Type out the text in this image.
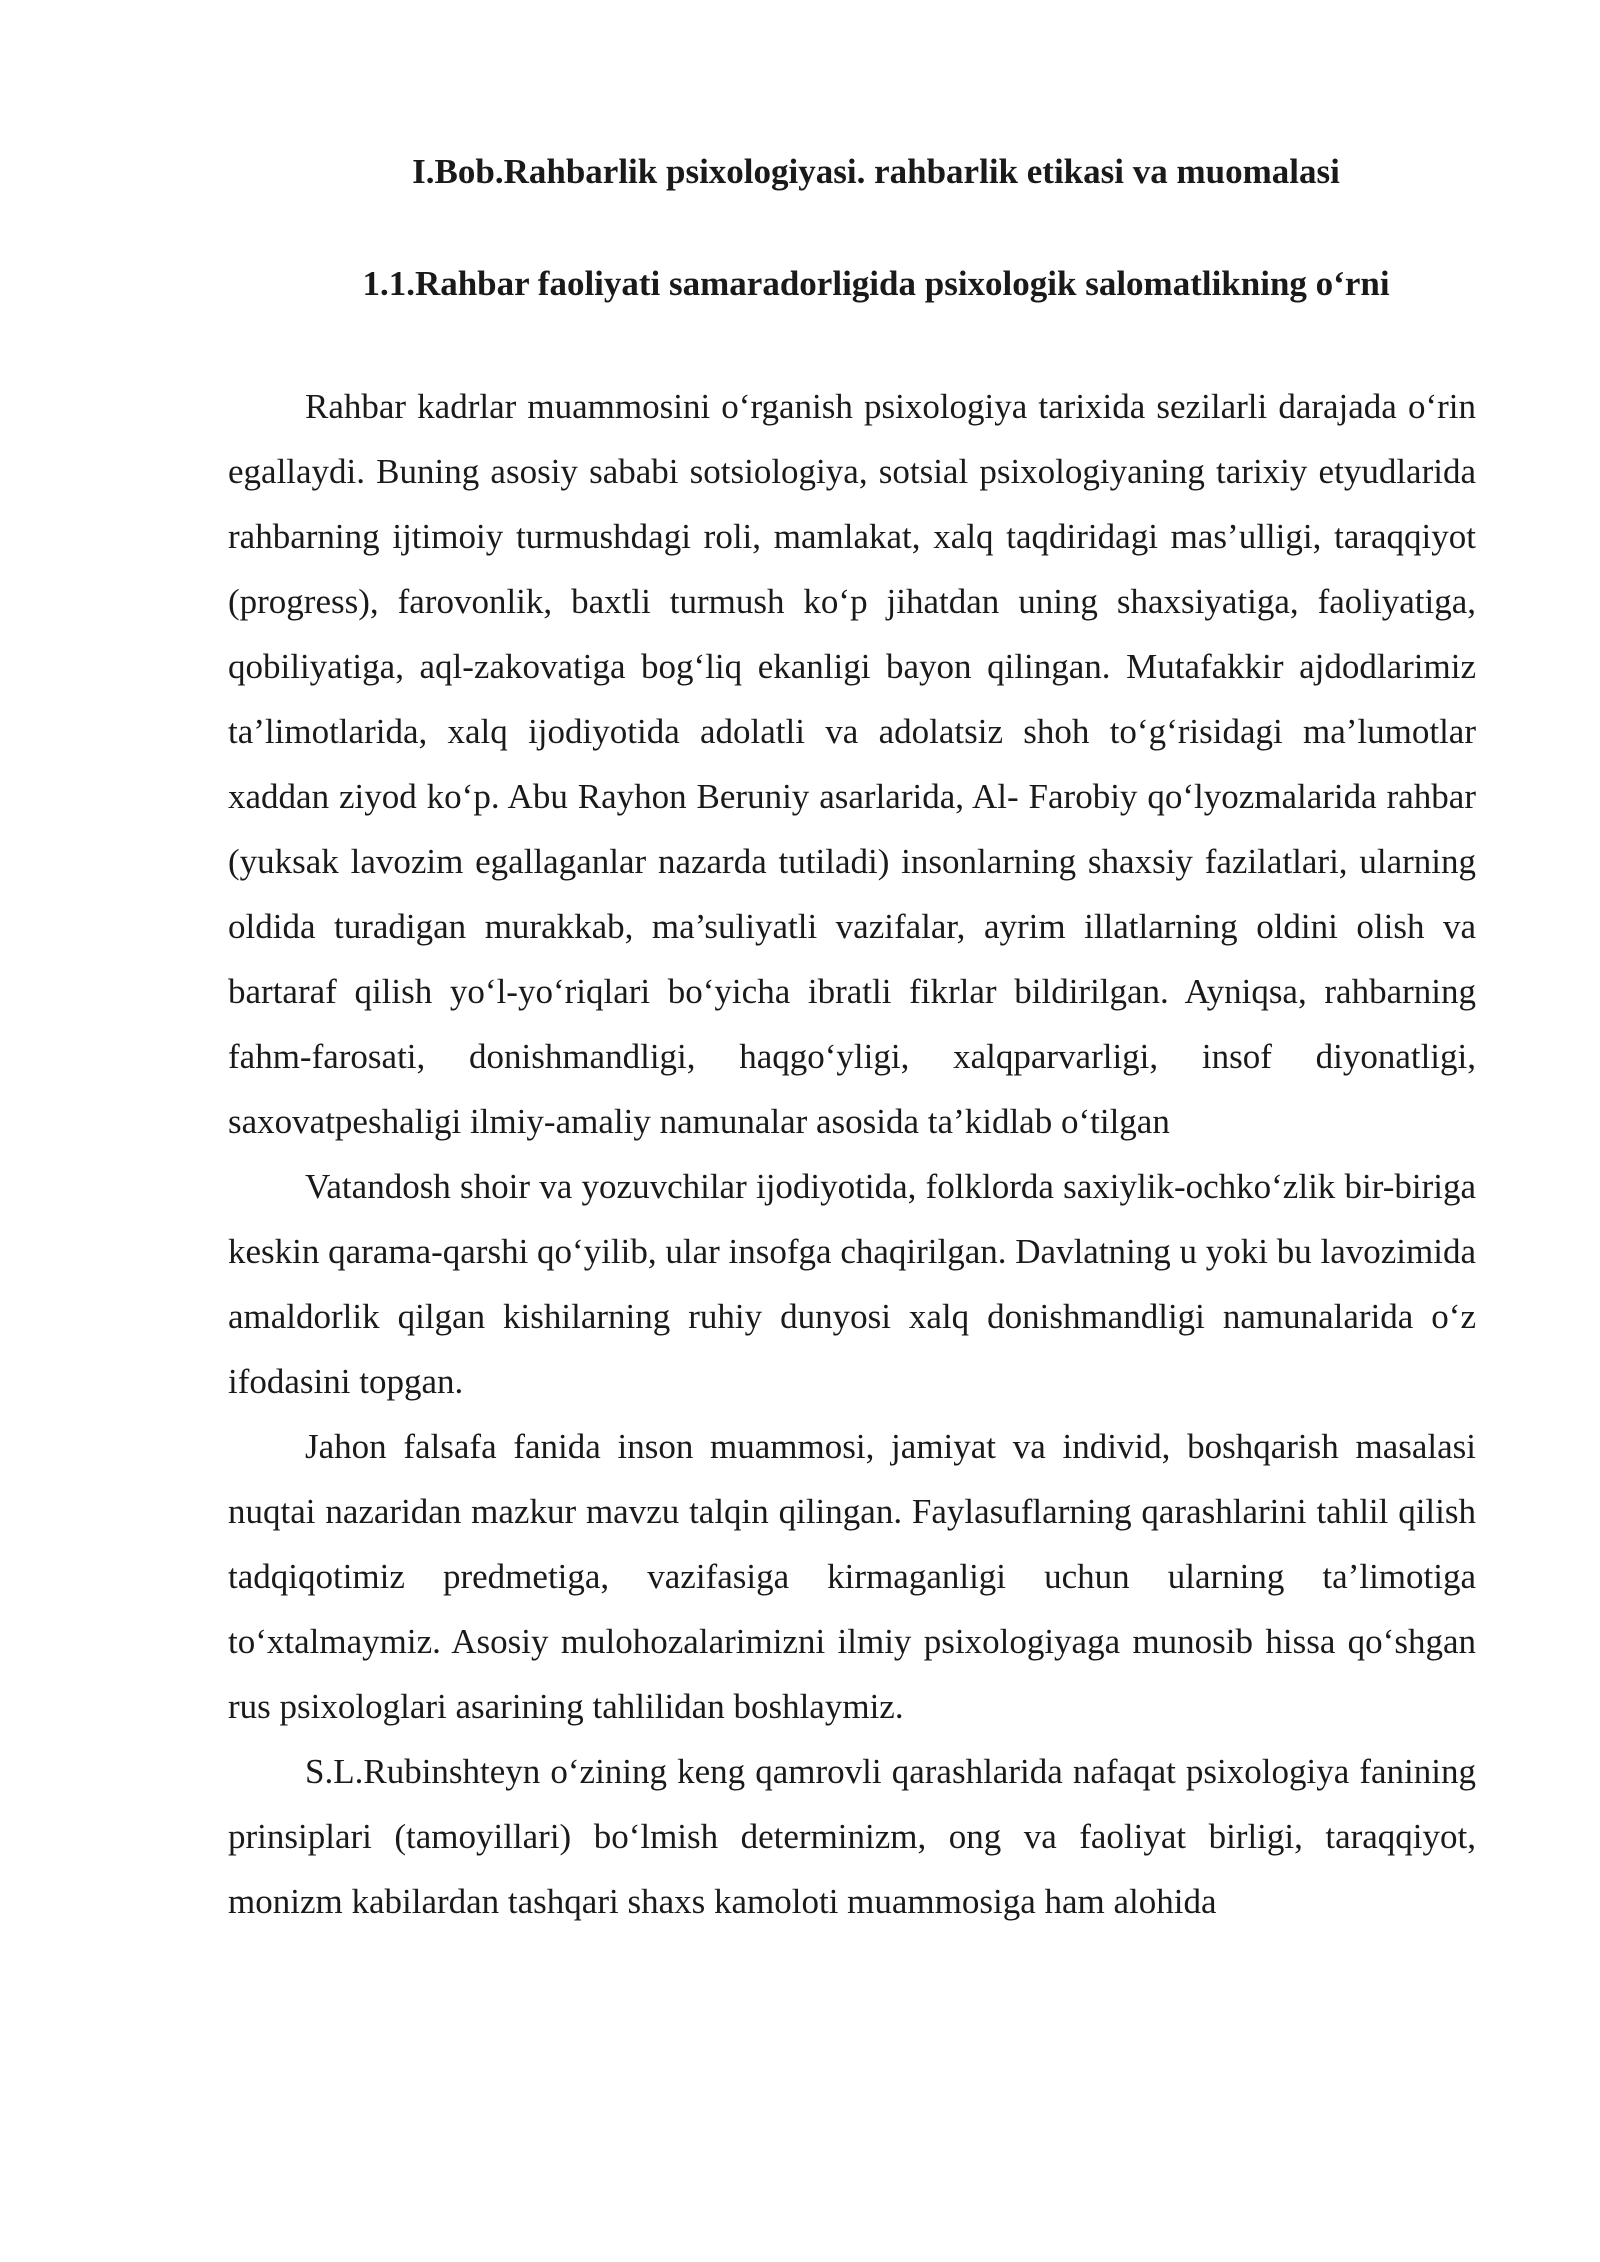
I.Bob.Rahbarlik psixologiyasi. rahbarlik etikasi va muomalasi
1.1.Rahbar faoliyati samaradorligida psixologik salomatlikning o‘rni

Rahbar kadrlar muammosini o‘rganish psixologiya tarixida sezilarli darajada o‘rin egallaydi. Buning asosiy sababi sotsiologiya, sotsial psixologiyaning tarixiy etyudlarida rahbarning ijtimoiy turmushdagi roli, mamlakat, xalq taqdiridagi mas’ulligi, taraqqiyot (progress), farovonlik, baxtli turmush ko‘p jihatdan uning shaxsiyatiga, faoliyatiga, qobiliyatiga, aql-zakovatiga bog‘liq ekanligi bayon qilingan. Mutafakkir ajdodlarimiz ta’limotlarida, xalq ijodiyotida adolatli va adolatsiz shoh to‘g‘risidagi ma’lumotlar xaddan ziyod ko‘p. Abu Rayhon Beruniy asarlarida, Al- Farobiy qo‘lyozmalarida rahbar (yuksak lavozim egallaganlar nazarda tutiladi) insonlarning shaxsiy fazilatlari, ularning oldida turadigan murakkab, ma’suliyatli vazifalar, ayrim illatlarning oldini olish va bartaraf qilish yo‘l-yo‘riqlari bo‘yicha ibratli fikrlar bildirilgan. Ayniqsa, rahbarning fahm-farosati, donishmandligi, haqgo‘yligi, xalqparvarligi, insof diyonatligi, saxovatpeshaligi ilmiy-amaliy namunalar asosida ta’kidlab o‘tilgan

Vatandosh shoir va yozuvchilar ijodiyotida, folklorda saxiylik-ochko‘zlik bir-biriga keskin qarama-qarshi qo‘yilib, ular insofga chaqirilgan. Davlatning u yoki bu lavozimida amaldorlik qilgan kishilarning ruhiy dunyosi xalq donishmandligi namunalarida o‘z ifodasini topgan.

Jahon falsafa fanida inson muammosi, jamiyat va individ, boshqarish masalasi nuqtai nazaridan mazkur mavzu talqin qilingan. Faylasuflarning qarashlarini tahlil qilish tadqiqotimiz predmetiga, vazifasiga kirmaganligi uchun ularning ta’limotiga to‘xtalmaymiz. Asosiy mulohozalarimizni ilmiy psixologiyaga munosib hissa qo‘shgan rus psixologlari asarining tahlilidan boshlaymiz.

S.L.Rubinshteyn o‘zining keng qamrovli qarashlarida nafaqat psixologiya fanining prinsiplari (tamoyillari) bo‘lmish determinizm, ong va faoliyat birligi, taraqqiyot, monizm kabilardan tashqari shaxs kamoloti muammosiga ham alohida
